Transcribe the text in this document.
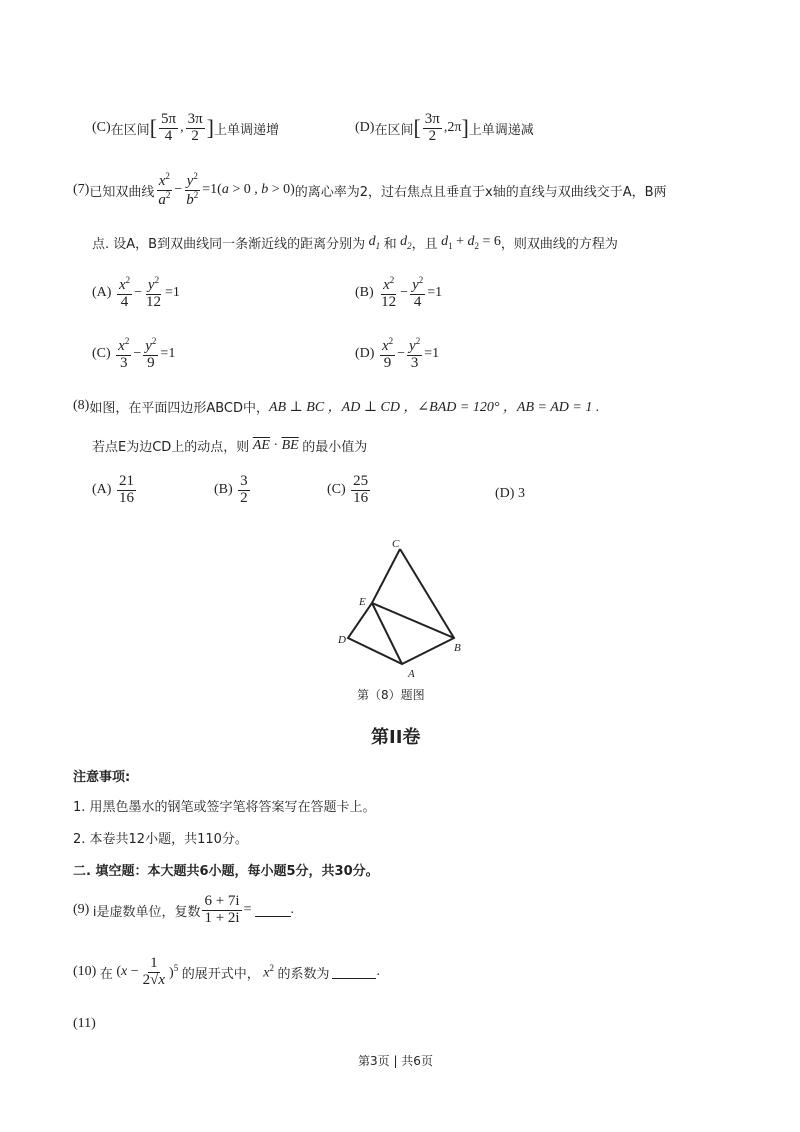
(C) 在区间 [ $\frac{5\pi}{4}$ , $\frac{3\pi}{2}$ ] 上单调递增	(D) 在区间 [ $\frac{3\pi}{2}$ , 2π ] 上单调递减
(7) 已知双曲线 $\frac{x^2}{a^2} - \frac{y^2}{b^2} =1(a > 0$ , b > 0) 的离心率为2，过右焦点且垂直于x轴的直线与双曲线交于A，B两
点. 设A，B到双曲线同一条渐近线的距离分别为 $d_1$ 和 $d_2$ ，且 $d_1 + d_2 = 6$ ，则双曲线的方程为
(A)
$\frac{x^2}{4} - \frac{y^2}{12} =1$	(B)
$\frac{x^2}{12} - \frac{y^2}{4} =1$
(C)
$\frac{x^2}{3} - \frac{y^2}{9} =1$	(D)
$\frac{x^2}{9} - \frac{y^2}{3} =1$
(8) 如图，在平面四边形ABCD中， AB ⊥ BC ，AD ⊥ CD ，∠BAD = 120° ，AB = AD = 1 .
若点E为边CD上的动点，则 $\overline{AE} \cdot \overline{BE}$ 的最小值为
(A)
$\frac{21}{16}$	(B)
$\frac{3}{2}$	(C)
$\frac{25}{16}$	(D)
3
C
E
D
A
B
第（8）题图
第II卷
注意事项:
1. 用黑色墨水的钢笔或签字笔将答案写在答题卡上。
2. 本卷共12小题，共110分。
二. 填空题：本大题共6小题，每小题5分，共30分。
(9)
i是虚数单位，复数 $\frac{6 + 7i}{1 + 2i}$ =	.
(10)
在 $(x - \frac{1}{2√x} )^5$ 的展开式中， $x^2$ 的系数为	.
(11)
第3页 | 共6页
